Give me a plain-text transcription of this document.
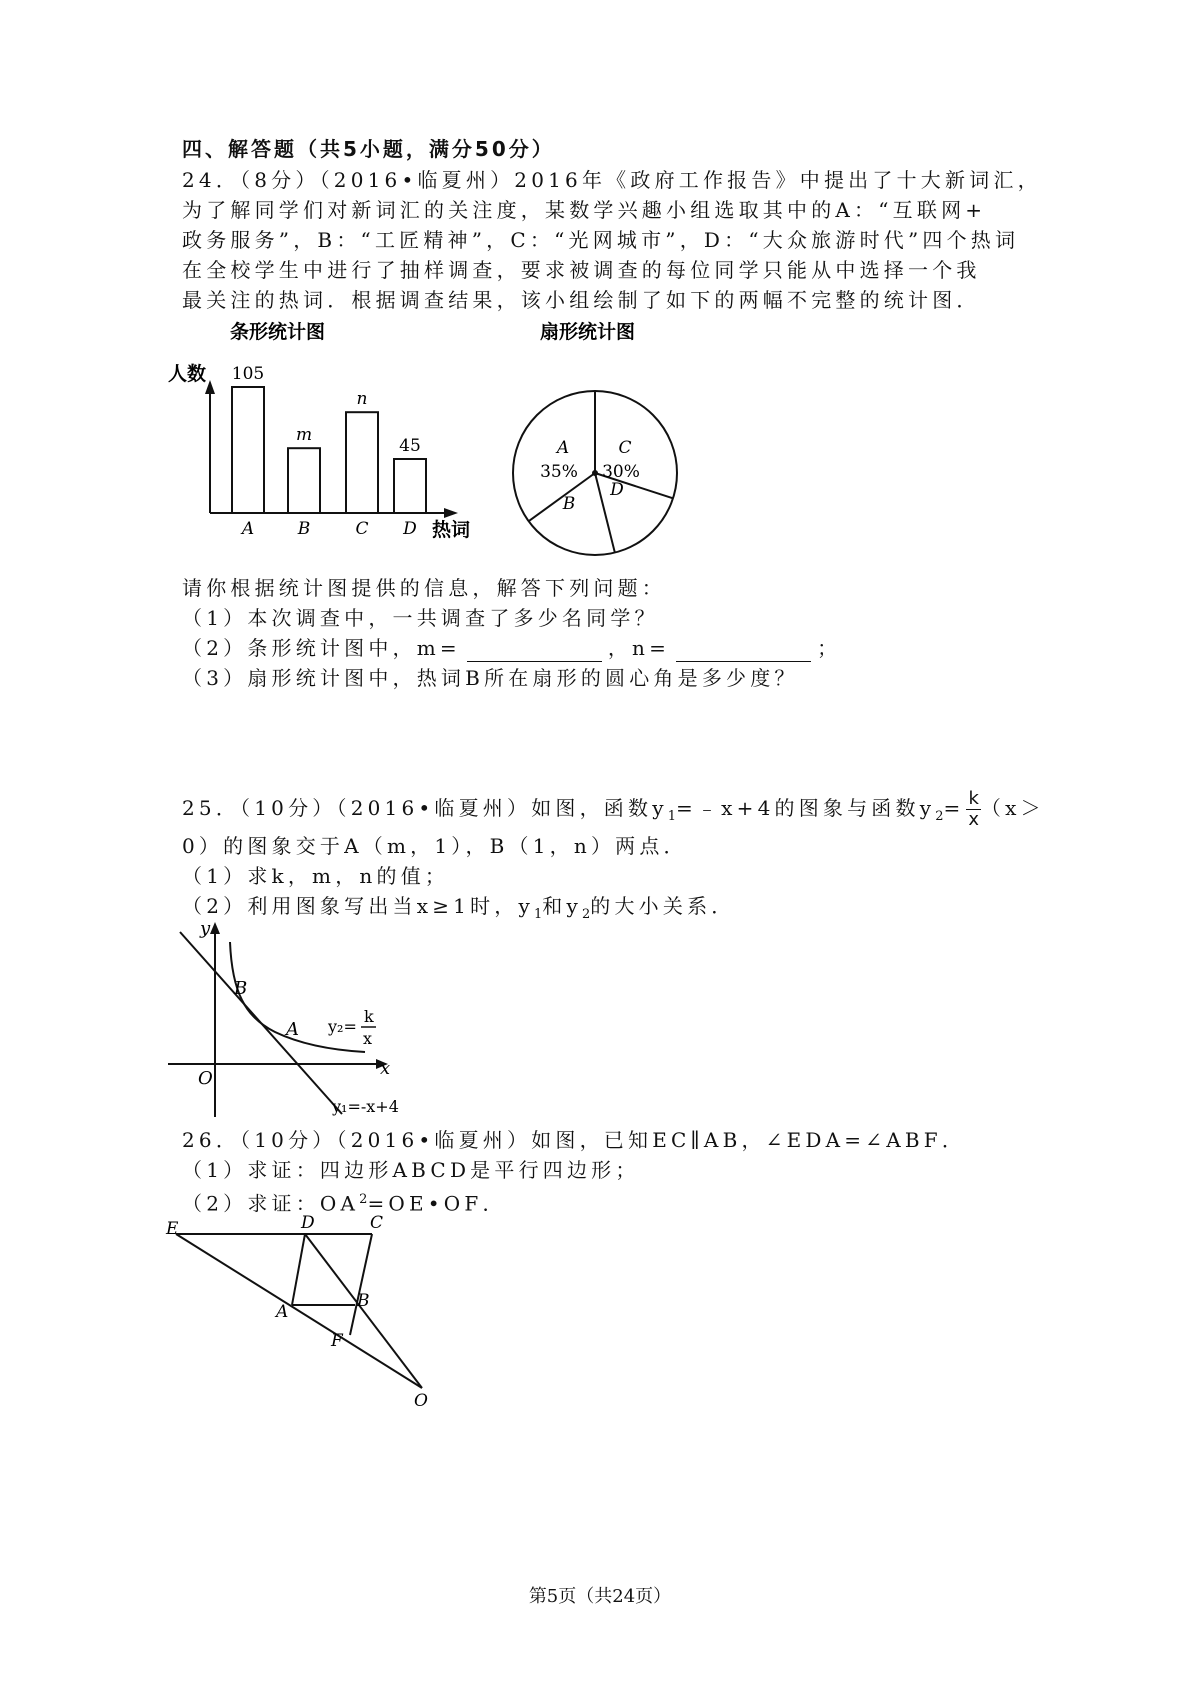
四、解答题（共5小题，满分50分）
24．（8分）（2016•临夏州）2016年《政府工作报告》中提出了十大新词汇，
为了解同学们对新词汇的关注度，某数学兴趣小组选取其中的A：“互联网+
政务服务”，B：“工匠精神”，C：“光网城市”，D：“大众旅游时代”四个热词
在全校学生中进行了抽样调查，要求被调查的每位同学只能从中选择一个我
最关注的热词．根据调查结果，该小组绘制了如下的两幅不完整的统计图．
条形统计图
人数
热词
105
A
m
B
n
C
45
D
扇形统计图
A
35%
C
30%
D
B
请你根据统计图提供的信息，解答下列问题：
（1）本次调查中，一共调查了多少名同学？
（2）条形统计图中，m=	，n=	；
（3）扇形统计图中，热词B所在扇形的圆心角是多少度？
25．（10分）（2016•临夏州）如图，函数$y_1=﹣x+4$的图象与函数$y_2= \frac{k}{x} (x>$
0）的图象交于A（m，1），B（1，n）两点．
（1）求k，m，n的值；
（2）利用图象写出当x≥1时，$y_1$和$y_2$的大小关系．
y
x
O
B
A y₂=
k
x
y₁=-x+4
26．（10分）（2016•临夏州）如图，已知EC∥AB，∠EDA=∠ABF．
（1）求证：四边形ABCD是平行四边形；
（2）求证：$OA^2=OE•OF$．
E	D	C
A
B
F
O
第5页（共24页）
